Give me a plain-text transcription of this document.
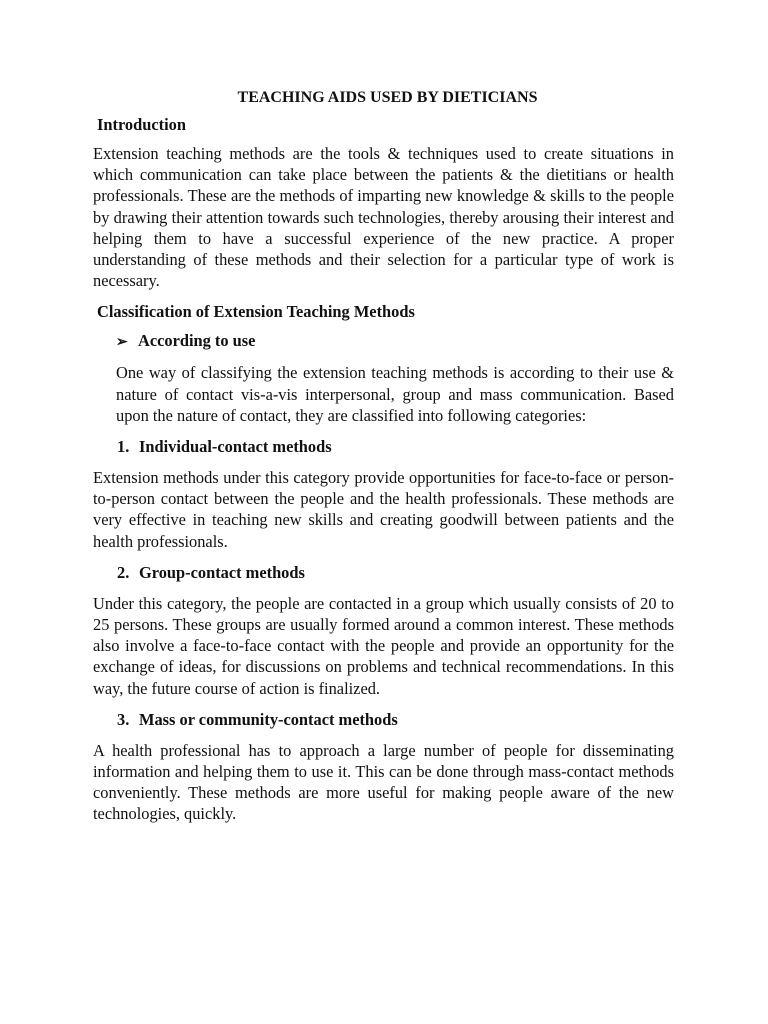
TEACHING AIDS USED BY DIETICIANS
Introduction

Extension teaching methods are the tools & techniques used to create situations in which communication can take place between the patients & the dietitians or health professionals. These are the methods of imparting new knowledge & skills to the people by drawing their attention towards such technologies, thereby arousing their interest and helping them to have a successful experience of the new practice. A proper understanding of these methods and their selection for a particular type of work is necessary.

Classification of Extension Teaching Methods
➢ According to use

One way of classifying the extension teaching methods is according to their use & nature of contact vis-a-vis interpersonal, group and mass communication. Based upon the nature of contact, they are classified into following categories:

1. Individual-contact methods

Extension methods under this category provide opportunities for face-to-face or person-to-person contact between the people and the health professionals. These methods are very effective in teaching new skills and creating goodwill between patients and the health professionals.

2. Group-contact methods

Under this category, the people are contacted in a group which usually consists of 20 to 25 persons. These groups are usually formed around a common interest. These methods also involve a face-to-face contact with the people and provide an opportunity for the exchange of ideas, for discussions on problems and technical recommendations. In this way, the future course of action is finalized.

3. Mass or community-contact methods

A health professional has to approach a large number of people for disseminating information and helping them to use it. This can be done through mass-contact methods conveniently. These methods are more useful for making people aware of the new technologies, quickly.
